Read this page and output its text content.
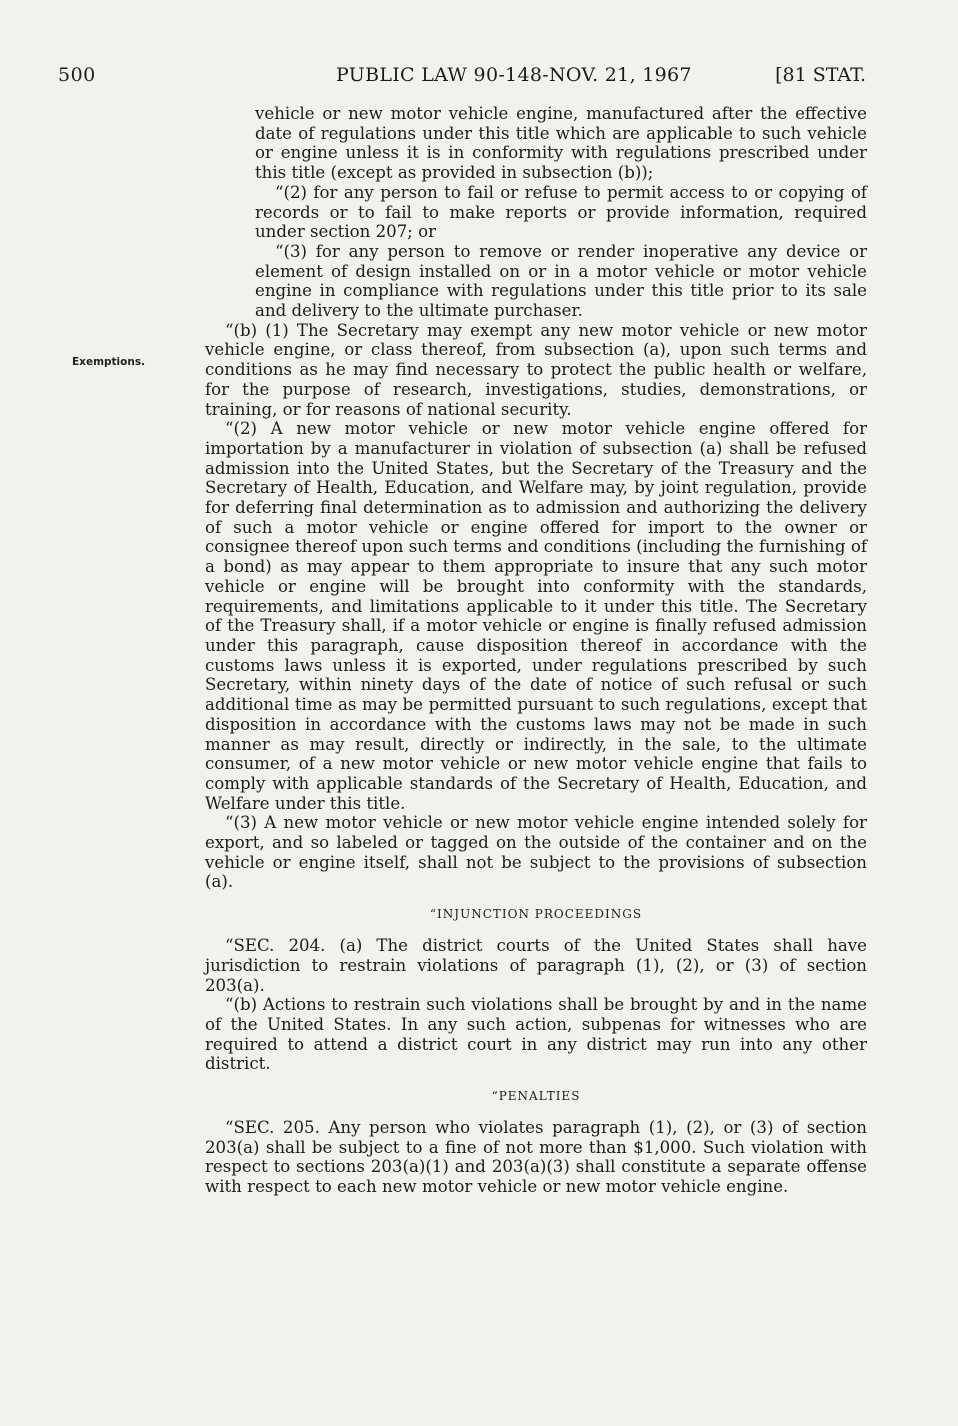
500	PUBLIC LAW 90-148-NOV. 21, 1967	[81 STAT.
Exemptions.

vehicle or new motor vehicle engine, manufactured after the effective date of regulations under this title which are applicable to such vehicle or engine unless it is in conformity with regulations prescribed under this title (except as provided in subsection (b));

“(2) for any person to fail or refuse to permit access to or copying of records or to fail to make reports or provide information, required under section 207; or

“(3) for any person to remove or render inoperative any device or element of design installed on or in a motor vehicle or motor vehicle engine in compliance with regulations under this title prior to its sale and delivery to the ultimate purchaser.

“(b) (1) The Secretary may exempt any new motor vehicle or new motor vehicle engine, or class thereof, from subsection (a), upon such terms and conditions as he may find necessary to protect the public health or welfare, for the purpose of research, investigations, studies, demonstrations, or training, or for reasons of national security.

“(2) A new motor vehicle or new motor vehicle engine offered for importation by a manufacturer in violation of subsection (a) shall be refused admission into the United States, but the Secretary of the Treasury and the Secretary of Health, Education, and Welfare may, by joint regulation, provide for deferring final determination as to admission and authorizing the delivery of such a motor vehicle or engine offered for import to the owner or consignee thereof upon such terms and conditions (including the furnishing of a bond) as may appear to them appropriate to insure that any such motor vehicle or engine will be brought into conformity with the standards, requirements, and limitations applicable to it under this title. The Secretary of the Treasury shall, if a motor vehicle or engine is finally refused admission under this paragraph, cause disposition thereof in accordance with the customs laws unless it is exported, under regulations prescribed by such Secretary, within ninety days of the date of notice of such refusal or such additional time as may be permitted pursuant to such regulations, except that disposition in accordance with the customs laws may not be made in such manner as may result, directly or indirectly, in the sale, to the ultimate consumer, of a new motor vehicle or new motor vehicle engine that fails to comply with applicable standards of the Secretary of Health, Education, and Welfare under this title.

“(3) A new motor vehicle or new motor vehicle engine intended solely for export, and so labeled or tagged on the outside of the container and on the vehicle or engine itself, shall not be subject to the provisions of subsection (a).

“INJUNCTION PROCEEDINGS

“SEC. 204. (a) The district courts of the United States shall have jurisdiction to restrain violations of paragraph (1), (2), or (3) of section 203(a).

“(b) Actions to restrain such violations shall be brought by and in the name of the United States. In any such action, subpenas for witnesses who are required to attend a district court in any district may run into any other district.

“PENALTIES

“SEC. 205. Any person who violates paragraph (1), (2), or (3) of section 203(a) shall be subject to a fine of not more than $1,000. Such violation with respect to sections 203(a)(1) and 203(a)(3) shall constitute a separate offense with respect to each new motor vehicle or new motor vehicle engine.
